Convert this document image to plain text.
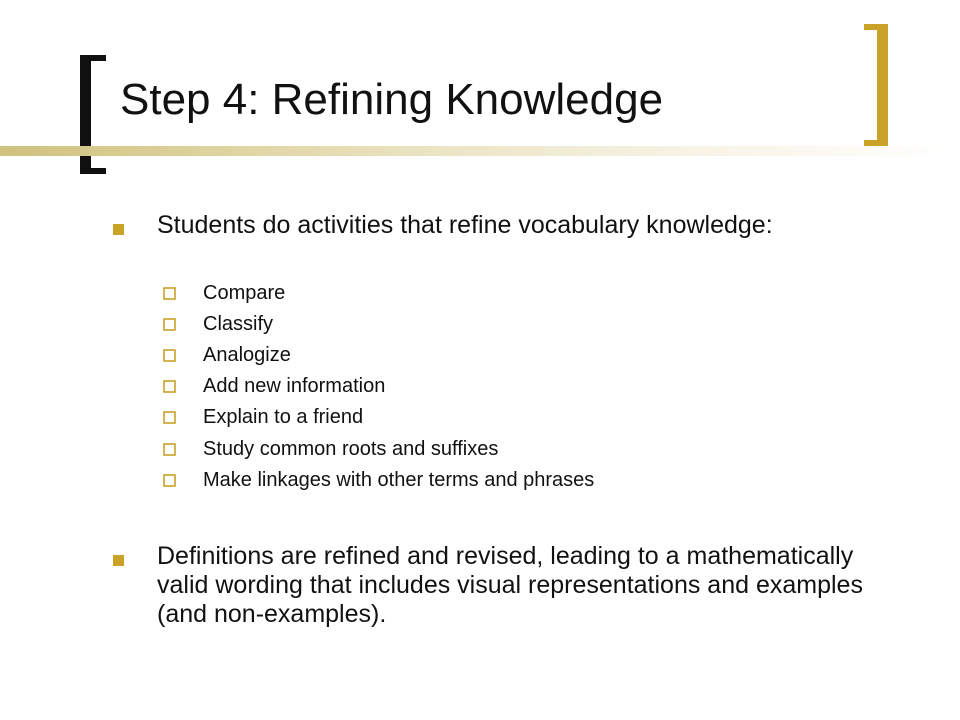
Step 4: Refining Knowledge
Students do activities that refine vocabulary knowledge:
Compare
Classify
Analogize
Add new information
Explain to a friend
Study common roots and suffixes
Make linkages with other terms and phrases
Definitions are refined and revised, leading to a mathematically valid wording that includes visual representations and examples (and non-examples).
